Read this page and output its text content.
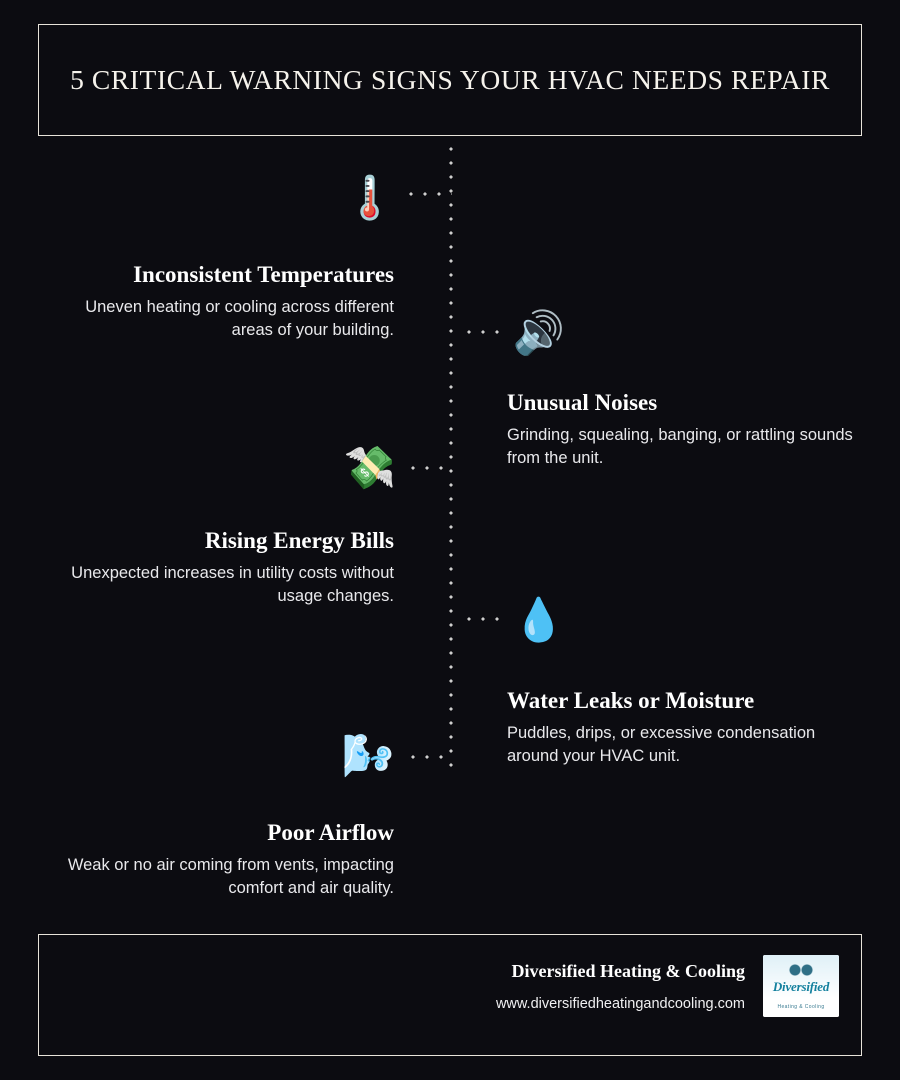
5 CRITICAL WARNING SIGNS YOUR HVAC NEEDS REPAIR
🌡️
Inconsistent Temperatures
Uneven heating or cooling across different areas of your building.	🔊
Unusual Noises
Grinding, squealing, banging, or rattling sounds from the unit.
💸
Rising Energy Bills
Unexpected increases in utility costs without usage changes.
💧
Water Leaks or Moisture
Puddles, drips, or excessive condensation around your HVAC unit.
🌬️
Poor Airflow
Weak or no air coming from vents, impacting comfort and air quality.
Diversified Heating & Cooling
www.diversifiedheatingandcooling.com
Diversified
Heating & Cooling
